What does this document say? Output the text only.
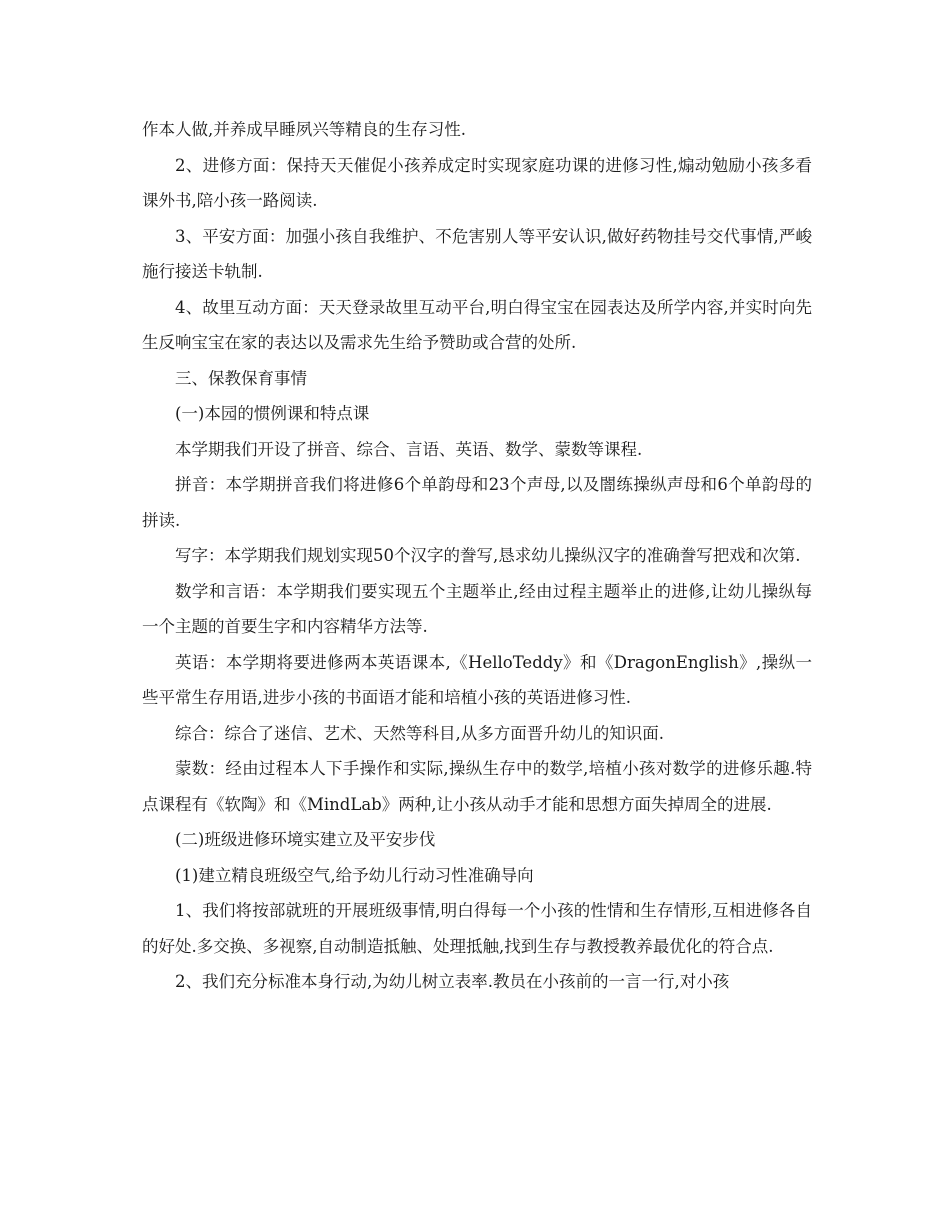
作本人做,并养成早睡夙兴等精良的生存习性.

2、进修方面：保持天天催促小孩养成定时实现家庭功课的进修习性,煽动勉励小孩多看课外书,陪小孩一路阅读.

3、平安方面：加强小孩自我维护、不危害别人等平安认识,做好药物挂号交代事情,严峻施行接送卡轨制.

4、故里互动方面：天天登录故里互动平台,明白得宝宝在园表达及所学内容,并实时向先生反响宝宝在家的表达以及需求先生给予赞助或合营的处所.

三、保教保育事情

(一)本园的惯例课和特点课

本学期我们开设了拼音、综合、言语、英语、数学、蒙数等课程.

拼音：本学期拼音我们将进修6个单韵母和23个声母,以及闇练操纵声母和6个单韵母的拼读.

写字：本学期我们规划实现50个汉字的誊写,恳求幼儿操纵汉字的准确誊写把戏和次第.

数学和言语：本学期我们要实现五个主题举止,经由过程主题举止的进修,让幼儿操纵每一个主题的首要生字和内容精华方法等.

英语：本学期将要进修两本英语课本,《HelloTeddy》和《DragonEnglish》,操纵一些平常生存用语,进步小孩的书面语才能和培植小孩的英语进修习性.

综合：综合了迷信、艺术、天然等科目,从多方面晋升幼儿的知识面.

蒙数：经由过程本人下手操作和实际,操纵生存中的数学,培植小孩对数学的进修乐趣.特点课程有《软陶》和《MindLab》两种,让小孩从动手才能和思想方面失掉周全的进展.

(二)班级进修环境实建立及平安步伐

(1)建立精良班级空气,给予幼儿行动习性准确导向

1、我们将按部就班的开展班级事情,明白得每一个小孩的性情和生存情形,互相进修各自的好处.多交换、多视察,自动制造抵触、处理抵触,找到生存与教授教养最优化的符合点.

2、我们充分标准本身行动,为幼儿树立表率.教员在小孩前的一言一行,对小孩
